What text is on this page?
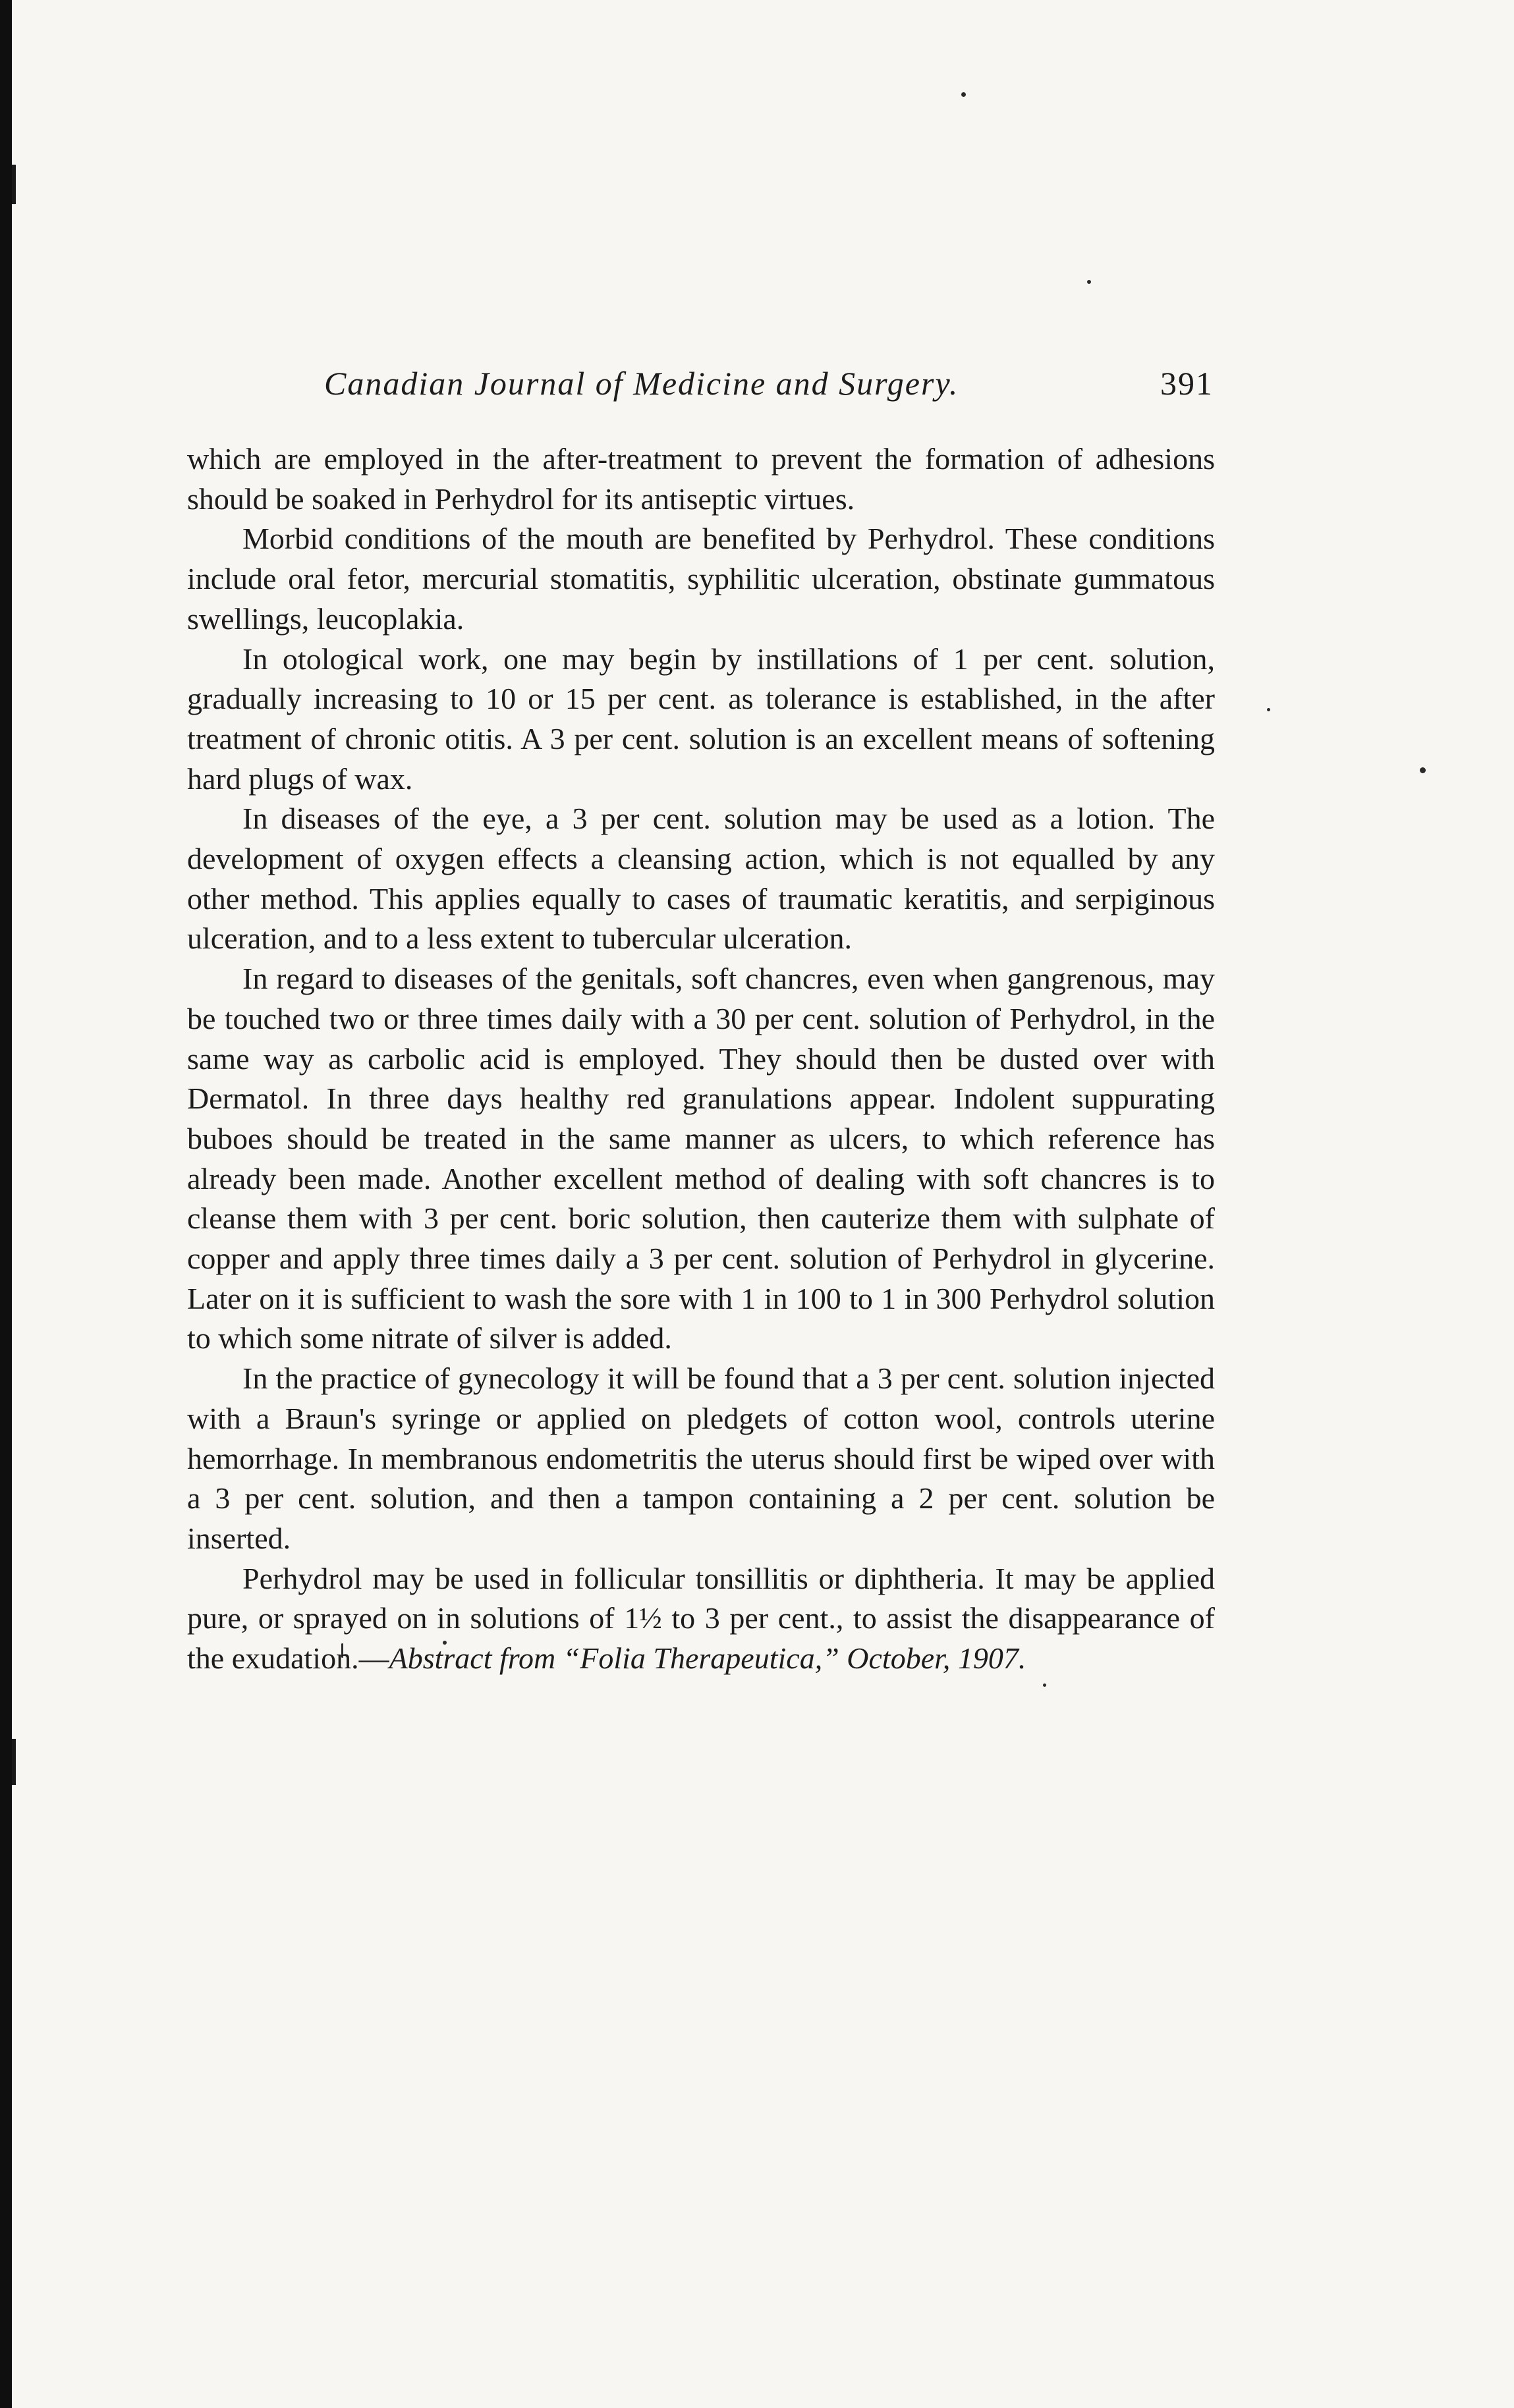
Canadian Journal of Medicine and Surgery.	391

which are employed in the after-treatment to prevent the formation of adhesions should be soaked in Perhydrol for its antiseptic virtues.

Morbid conditions of the mouth are benefited by Perhydrol. These conditions include oral fetor, mercurial stomatitis, syphilitic ulceration, obstinate gummatous swellings, leucoplakia.

In otological work, one may begin by instillations of 1 per cent. solution, gradually increasing to 10 or 15 per cent. as tolerance is established, in the after treatment of chronic otitis. A 3 per cent. solution is an excellent means of softening hard plugs of wax.

In diseases of the eye, a 3 per cent. solution may be used as a lotion. The development of oxygen effects a cleansing action, which is not equalled by any other method. This applies equally to cases of traumatic keratitis, and serpiginous ulceration, and to a less extent to tubercular ulceration.

In regard to diseases of the genitals, soft chancres, even when gangrenous, may be touched two or three times daily with a 30 per cent. solution of Perhydrol, in the same way as carbolic acid is employed. They should then be dusted over with Dermatol. In three days healthy red granulations appear. Indolent suppurating buboes should be treated in the same manner as ulcers, to which reference has already been made. Another excellent method of dealing with soft chancres is to cleanse them with 3 per cent. boric solution, then cauterize them with sulphate of copper and apply three times daily a 3 per cent. solution of Perhydrol in glycerine. Later on it is sufficient to wash the sore with 1 in 100 to 1 in 300 Perhydrol solution to which some nitrate of silver is added.

In the practice of gynecology it will be found that a 3 per cent. solution injected with a Braun's syringe or applied on pledgets of cotton wool, controls uterine hemorrhage. In membranous endometritis the uterus should first be wiped over with a 3 per cent. solution, and then a tampon containing a 2 per cent. solution be inserted.

Perhydrol may be used in follicular tonsillitis or diphtheria. It may be applied pure, or sprayed on in solutions of 1½ to 3 per cent., to assist the disappearance of the exudation.—Abstract from “Folia Therapeutica,” October, 1907.
